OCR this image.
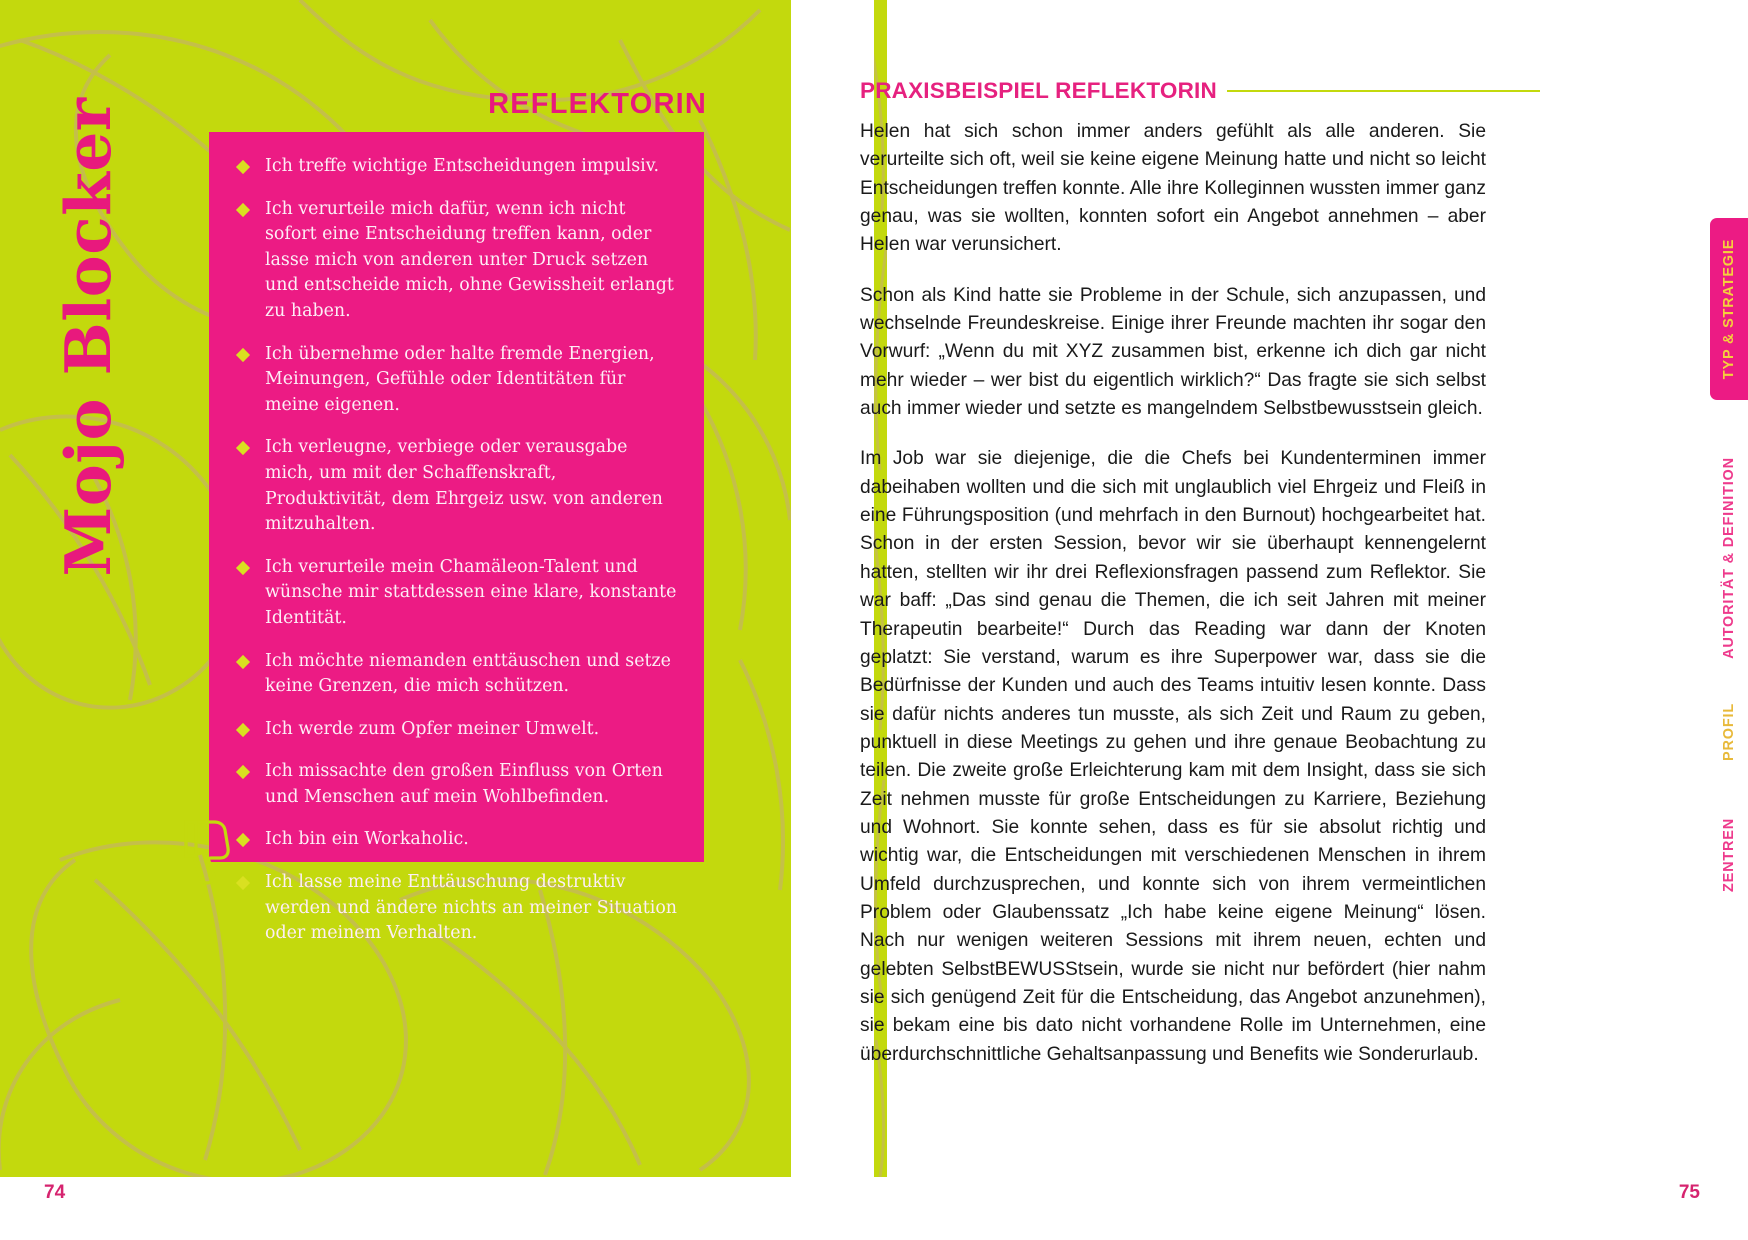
Mojo Blocker	REFLEKTORIN
Ich treffe wichtige Entscheidungen impulsiv.
Ich verurteile mich dafür, wenn ich nicht sofort eine Entscheidung treffen kann, oder lasse mich von anderen unter Druck setzen und entscheide mich, ohne Gewissheit erlangt zu haben.
Ich übernehme oder halte fremde Energien, Meinungen, Gefühle oder Identitäten für meine eigenen.
Ich verleugne, verbiege oder verausgabe mich, um mit der Schaffenskraft, Produktivität, dem Ehrgeiz usw. von anderen mitzuhalten.
Ich verurteile mein Chamäleon-Talent und wünsche mir stattdessen eine klare, konstante Identität.
Ich möchte niemanden enttäuschen und setze keine Grenzen, die mich schützen.
Ich werde zum Opfer meiner Umwelt.
Ich missachte den großen Einfluss von Orten und Menschen auf mein Wohlbefinden.
Ich bin ein Workaholic.
Ich lasse meine Enttäuschung destruktiv werden und ändere nichts an meiner Situation oder meinem Verhalten.
74
PRAXISBEISPIEL REFLEKTORIN

Helen hat sich schon immer anders gefühlt als alle anderen. Sie verurteilte sich oft, weil sie keine eigene Meinung hatte und nicht so leicht Entscheidungen treffen konnte. Alle ihre Kolleginnen wussten immer ganz genau, was sie wollten, konnten sofort ein Angebot annehmen – aber Helen war verunsichert.

Schon als Kind hatte sie Probleme in der Schule, sich anzupassen, und wechselnde Freundeskreise. Einige ihrer Freunde machten ihr sogar den Vorwurf: „Wenn du mit XYZ zusammen bist, erkenne ich dich gar nicht mehr wieder – wer bist du eigentlich wirklich?“ Das fragte sie sich selbst auch immer wieder und setzte es mangelndem Selbstbewusstsein gleich.

Im Job war sie diejenige, die die Chefs bei Kundenterminen immer dabeihaben wollten und die sich mit unglaublich viel Ehrgeiz und Fleiß in eine Führungsposition (und mehrfach in den Burnout) hochgearbeitet hat. Schon in der ersten Session, bevor wir sie überhaupt kennengelernt hatten, stellten wir ihr drei Reflexionsfragen passend zum Reflektor. Sie war baff: „Das sind genau die Themen, die ich seit Jahren mit meiner Therapeutin bearbeite!“ Durch das Reading war dann der Knoten geplatzt: Sie verstand, warum es ihre Superpower war, dass sie die Bedürfnisse der Kunden und auch des Teams intuitiv lesen konnte. Dass sie dafür nichts anderes tun musste, als sich Zeit und Raum zu geben, punktuell in diese Meetings zu gehen und ihre genaue Beobachtung zu teilen. Die zweite große Erleichterung kam mit dem Insight, dass sie sich Zeit nehmen musste für große Entscheidungen zu Karriere, Beziehung und Wohnort. Sie konnte sehen, dass es für sie absolut richtig und wichtig war, die Entscheidungen mit verschiedenen Menschen in ihrem Umfeld durchzusprechen, und konnte sich von ihrem vermeintlichen Problem oder Glaubenssatz „Ich habe keine eigene Meinung“ lösen. Nach nur wenigen weiteren Sessions mit ihrem neuen, echten und gelebten SelbstBEWUSStsein, wurde sie nicht nur befördert (hier nahm sie sich genügend Zeit für die Entscheidung, das Angebot anzunehmen), sie bekam eine bis dato nicht vorhandene Rolle im Unternehmen, eine überdurchschnittliche Gehaltsanpassung und Benefits wie Sonderurlaub.

TYP & STRATEGIE
AUTORITÄT & DEFINITION
PROFIL
ZENTREN
75
